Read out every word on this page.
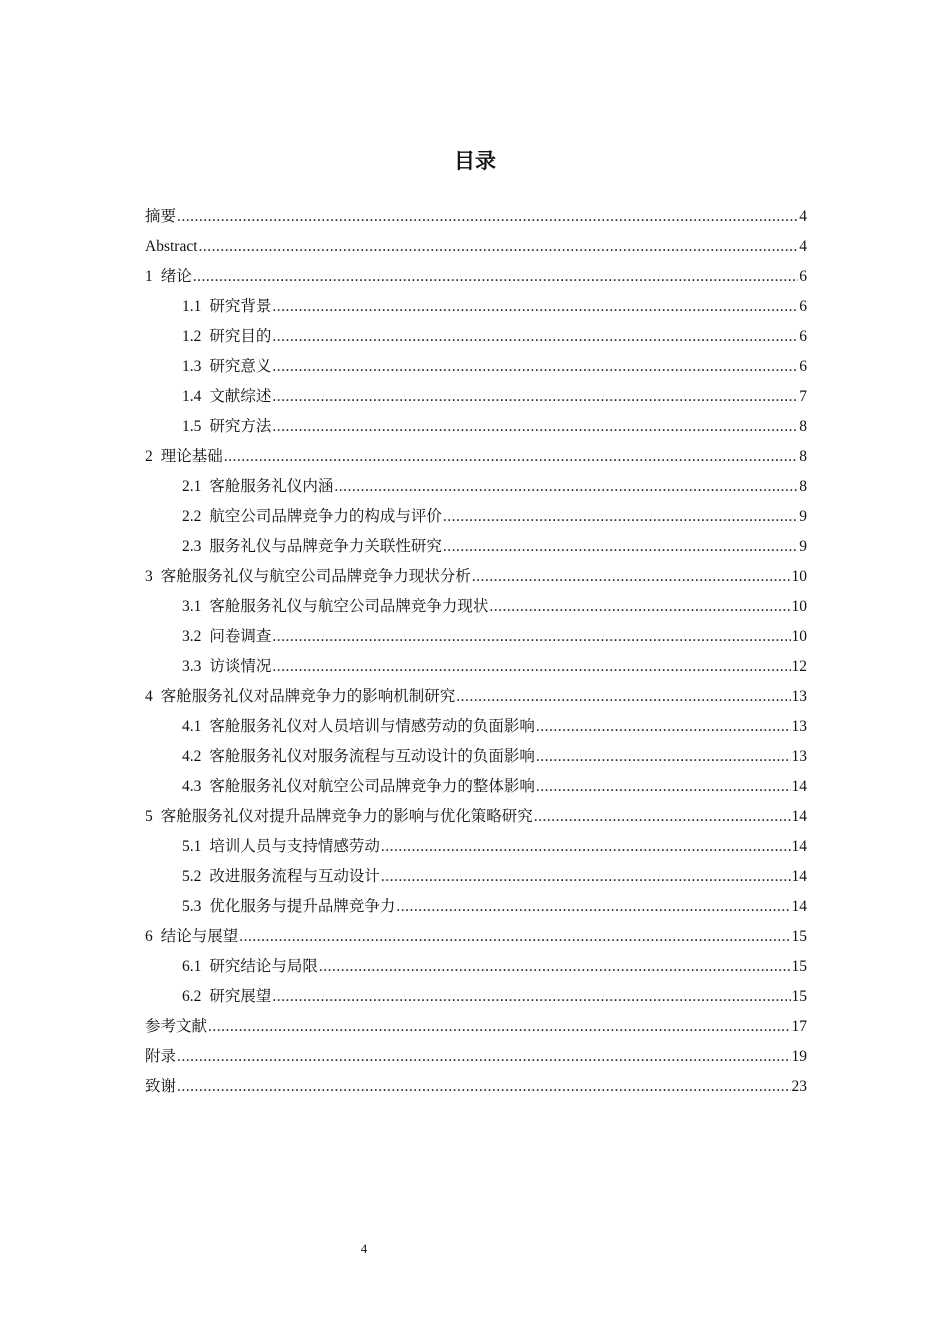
目录
摘要 .....	4
Abstract .....	4
1 绪论 .....	6
1.1 研究背景 .....	6
1.2 研究目的 .....	6
1.3 研究意义 .....	6
1.4 文献综述 .....	7
1.5 研究方法 .....	8
2 理论基础 .....	8
2.1 客舱服务礼仪内涵 .....	8
2.2 航空公司品牌竞争力的构成与评价 .....	9
2.3 服务礼仪与品牌竞争力关联性研究 .....	9
3 客舱服务礼仪与航空公司品牌竞争力现状分析 .....	10
3.1 客舱服务礼仪与航空公司品牌竞争力现状 .....	10
3.2 问卷调查 .....	10
3.3 访谈情况 .....	12
4 客舱服务礼仪对品牌竞争力的影响机制研究 .....	13
4.1 客舱服务礼仪对人员培训与情感劳动的负面影响 .....	13
4.2 客舱服务礼仪对服务流程与互动设计的负面影响 .....	13
4.3 客舱服务礼仪对航空公司品牌竞争力的整体影响 .....	14
5 客舱服务礼仪对提升品牌竞争力的影响与优化策略研究 .....	14
5.1 培训人员与支持情感劳动 .....	14
5.2 改进服务流程与互动设计 .....	14
5.3 优化服务与提升品牌竞争力 .....	14
6 结论与展望 .....	15
6.1 研究结论与局限 .....	15
6.2 研究展望 .....	15
参考文献 .....	17
附录 .....	19
致谢 .....	23
4
